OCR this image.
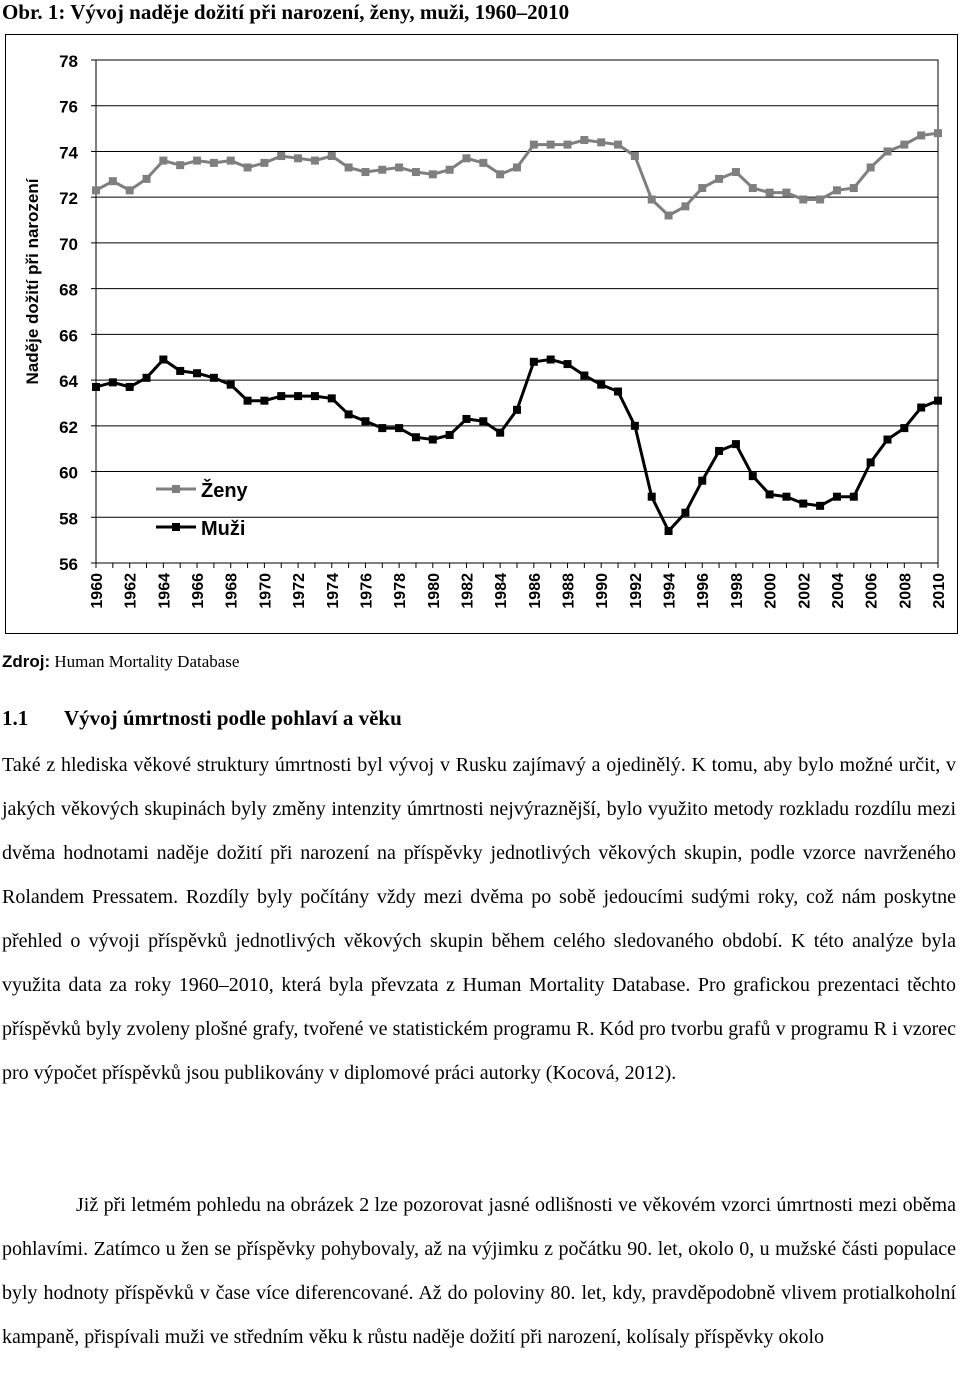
Obr. 1: Vývoj naděje dožití při narození, ženy, muži, 1960–2010
56
58
60
62
64
66
68
70
72
74
76
78
Naděje dožití při narození
1960 1962 1964 1966 1968 1970 1972 1974 1976 1978 1980 1982 1984 1986 1988 1990 1992 1994 1996 1998 2000 2002 2004 2006 2008 2010
Ženy
Muži
Zdroj: Human Mortality Database
1.1 Vývoj úmrtnosti podle pohlaví a věku

Také z hlediska věkové struktury úmrtnosti byl vývoj v Rusku zajímavý a ojedinělý. K tomu, aby bylo možné určit, v jakých věkových skupinách byly změny intenzity úmrtnosti nejvýraznější, bylo využito metody rozkladu rozdílu mezi dvěma hodnotami naděje dožití při narození na příspěvky jednotlivých věkových skupin, podle vzorce navrženého Rolandem Pressatem. Rozdíly byly počítány vždy mezi dvěma po sobě jedoucími sudými roky, což nám poskytne přehled o vývoji příspěvků jednotlivých věkových skupin během celého sledovaného období. K této analýze byla využita data za roky 1960–2010, která byla převzata z Human Mortality Database. Pro grafickou prezentaci těchto příspěvků byly zvoleny plošné grafy, tvořené ve statistickém programu R. Kód pro tvorbu grafů v programu R i vzorec pro výpočet příspěvků jsou publikovány v diplomové práci autorky (Kocová, 2012).

Již při letmém pohledu na obrázek 2 lze pozorovat jasné odlišnosti ve věkovém vzorci úmrtnosti mezi oběma pohlavími. Zatímco u žen se příspěvky pohybovaly, až na výjimku z počátku 90. let, okolo 0, u mužské části populace byly hodnoty příspěvků v čase více diferencované. Až do poloviny 80. let, kdy, pravděpodobně vlivem protialkoholní kampaně, přispívali muži ve středním věku k růstu naděje dožití při narození, kolísaly příspěvky okolo
